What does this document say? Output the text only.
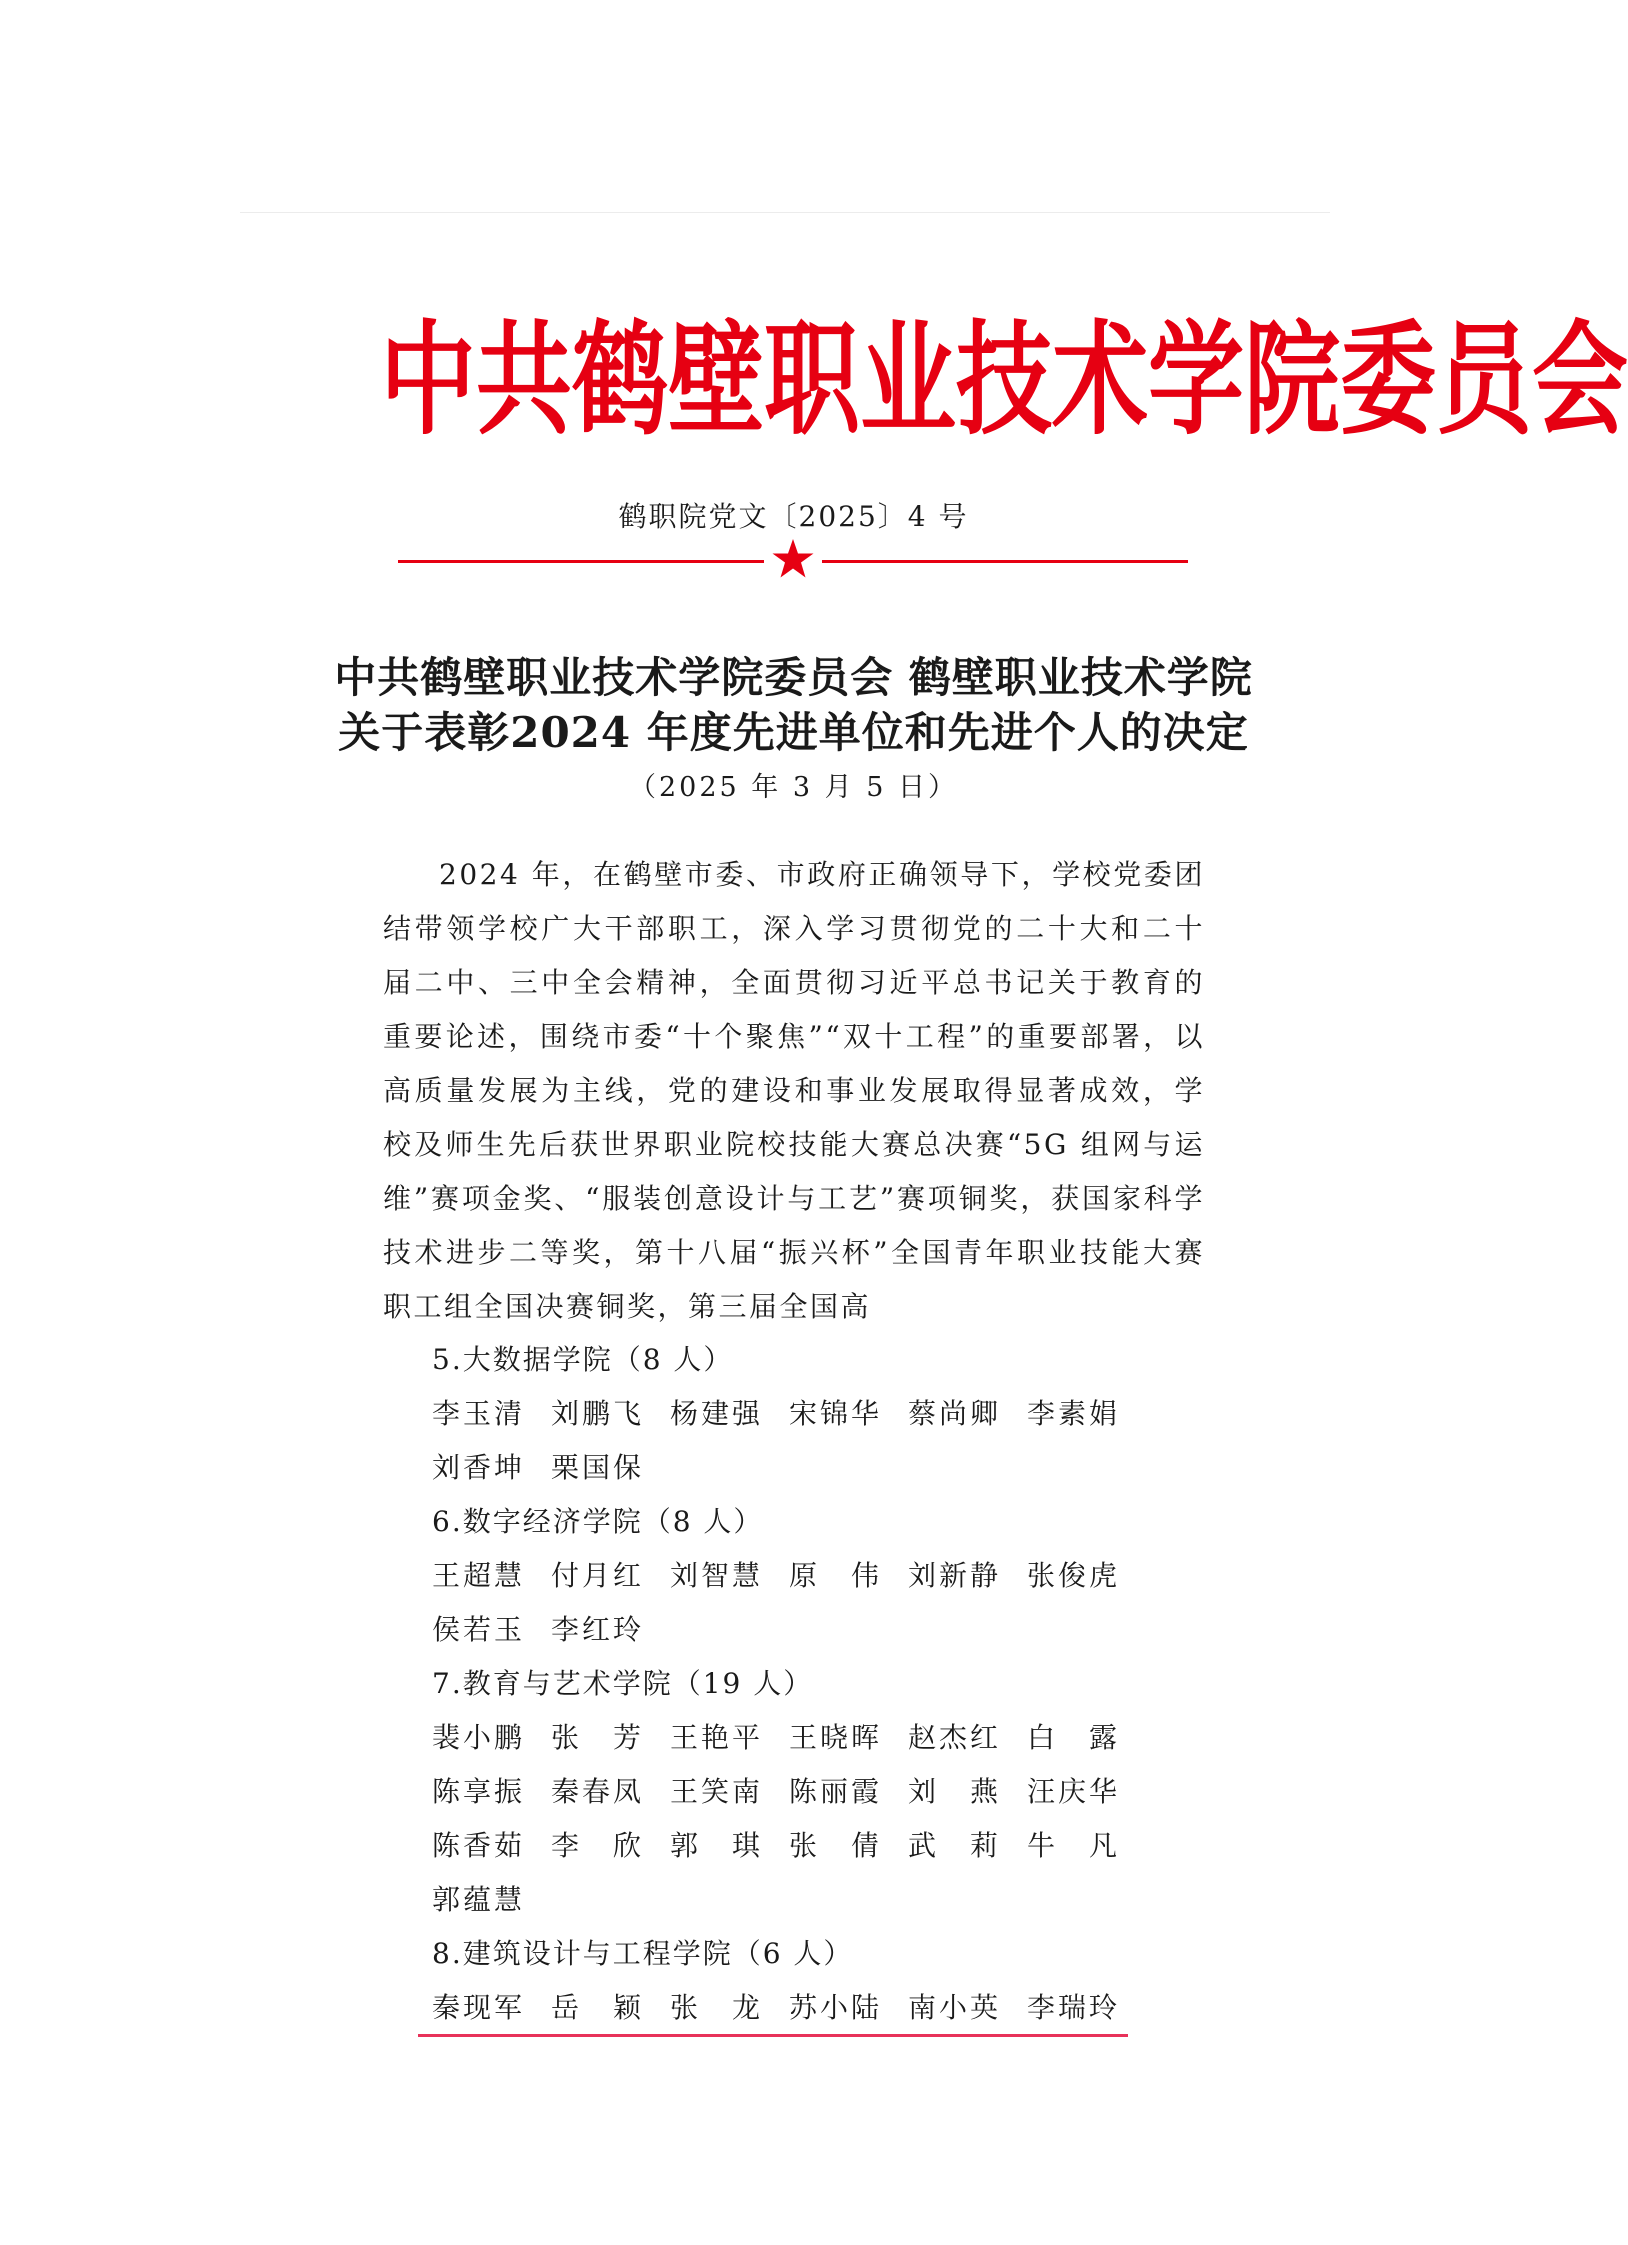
中 共 鹤 壁 职 业 技 术 学 院 委 员 会
鹤职院党文〔2025〕4 号
中共鹤壁职业技术学院委员会 鹤壁职业技术学院
关于表彰2024 年度先进单位和先进个人的决定
（2025 年 3 月 5 日）

2024 年，在鹤壁市委、市政府正确领导下，学校党委团结带领学校广大干部职工，深入学习贯彻党的二十大和二十届二中、三中全会精神，全面贯彻习近平总书记关于教育的重要论述，围绕市委“十个聚焦”“双十工程”的重要部署，以高质量发展为主线，党的建设和事业发展取得显著成效，学校及师生先后获世界职业院校技能大赛总决赛“5G 组网与运维”赛项金奖、“服装创意设计与工艺”赛项铜奖，获国家科学技术进步二等奖，第十八届“振兴杯”全国青年职业技能大赛职工组全国决赛铜奖，第三届全国高

5.大数据学院（8 人）
李玉清 刘鹏飞 杨建强 宋锦华 蔡尚卿 李素娟
刘香坤 栗国保
6.数字经济学院（8 人）
王超慧 付月红 刘智慧 原　伟 刘新静 张俊虎
侯若玉 李红玲
7.教育与艺术学院（19 人）
裴小鹏 张　芳 王艳平 王晓晖 赵杰红 白　露
陈享振 秦春凤 王笑南 陈丽霞 刘　燕 汪庆华
陈香茹 李　欣 郭　琪 张　倩 武　莉 牛　凡
郭蕴慧
8.建筑设计与工程学院（6 人）
秦现军 岳　颖 张　龙 苏小陆 南小英 李瑞玲
